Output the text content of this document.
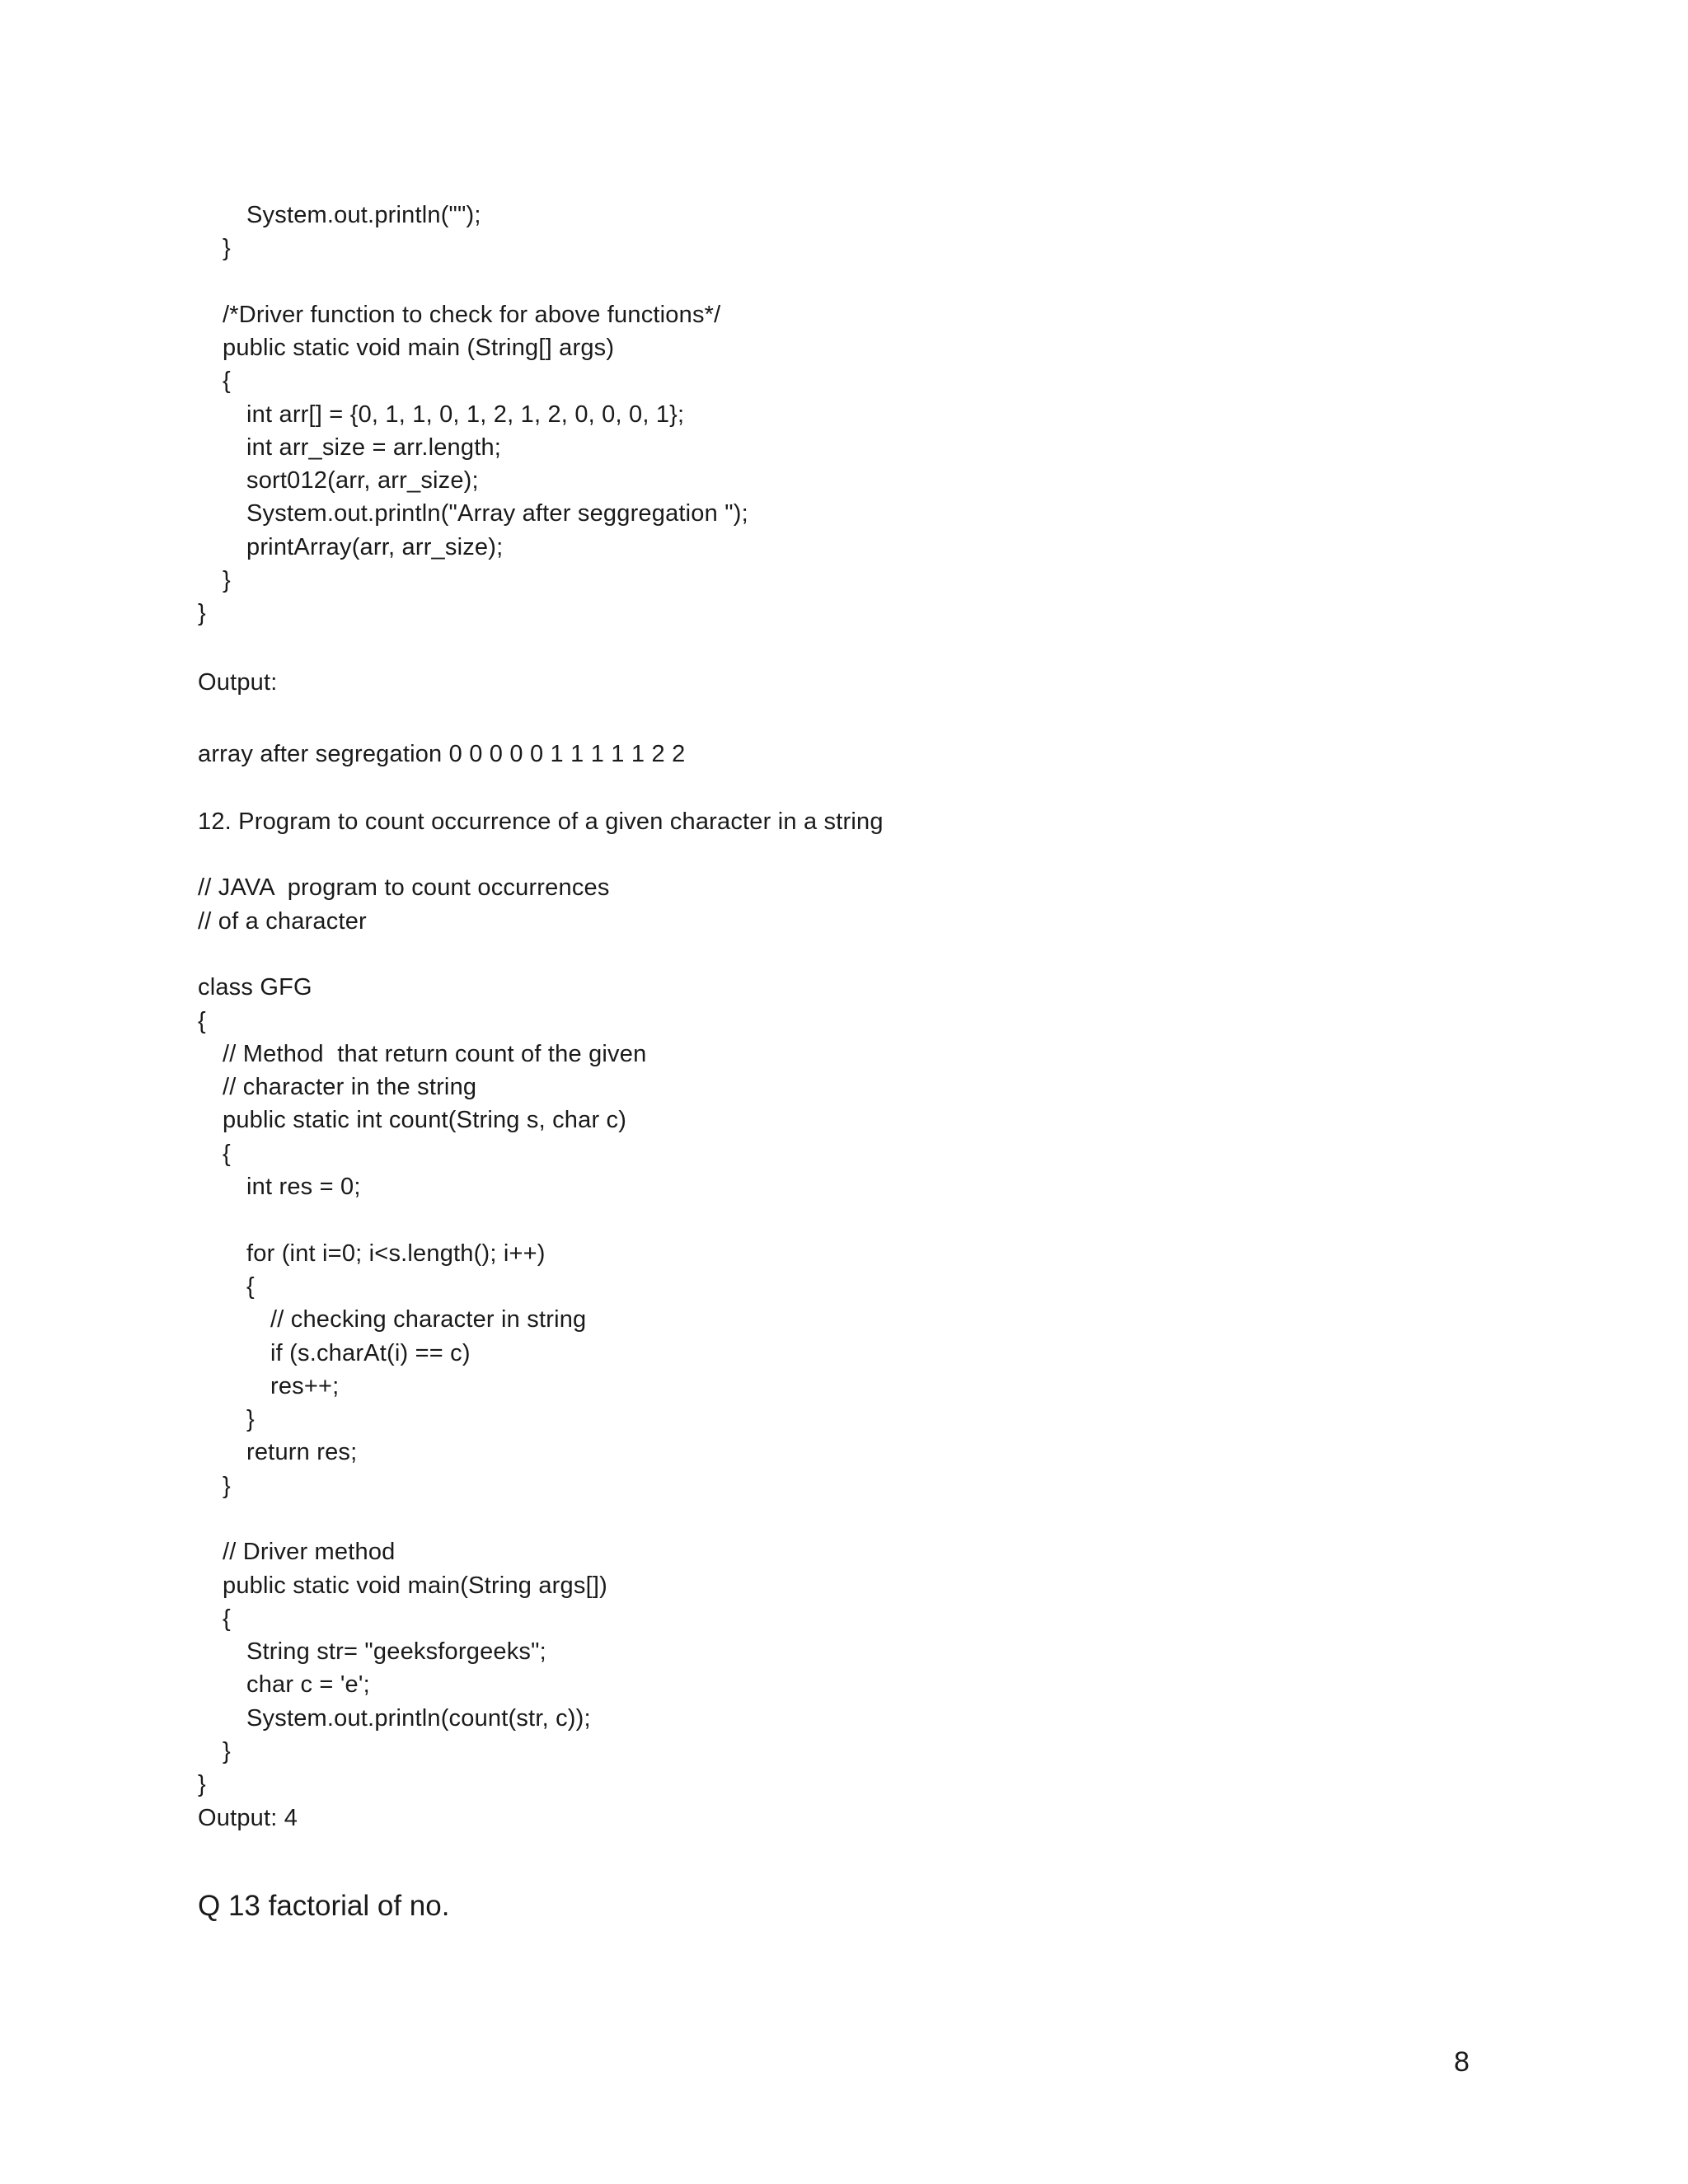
System.out.println("");
}
/*Driver function to check for above functions*/
public static void main (String[] args)
{
int arr[] = {0, 1, 1, 0, 1, 2, 1, 2, 0, 0, 0, 1};
int arr_size = arr.length;
sort012(arr, arr_size);
System.out.println("Array after seggregation ");
printArray(arr, arr_size);
}
}
Output:
array after segregation 0 0 0 0 0 1 1 1 1 1 2 2
12. Program to count occurrence of a given character in a string
// JAVA  program to count occurrences
// of a character
class GFG
{
// Method  that return count of the given
// character in the string
public static int count(String s, char c)
{
int res = 0;
for (int i=0; i<s.length(); i++)
{
// checking character in string
if (s.charAt(i) == c)
res++;
}
return res;
}
// Driver method
public static void main(String args[])
{
String str= "geeksforgeeks";
char c = 'e';
System.out.println(count(str, c));
}
}
Output: 4
Q 13 factorial of no.
8
